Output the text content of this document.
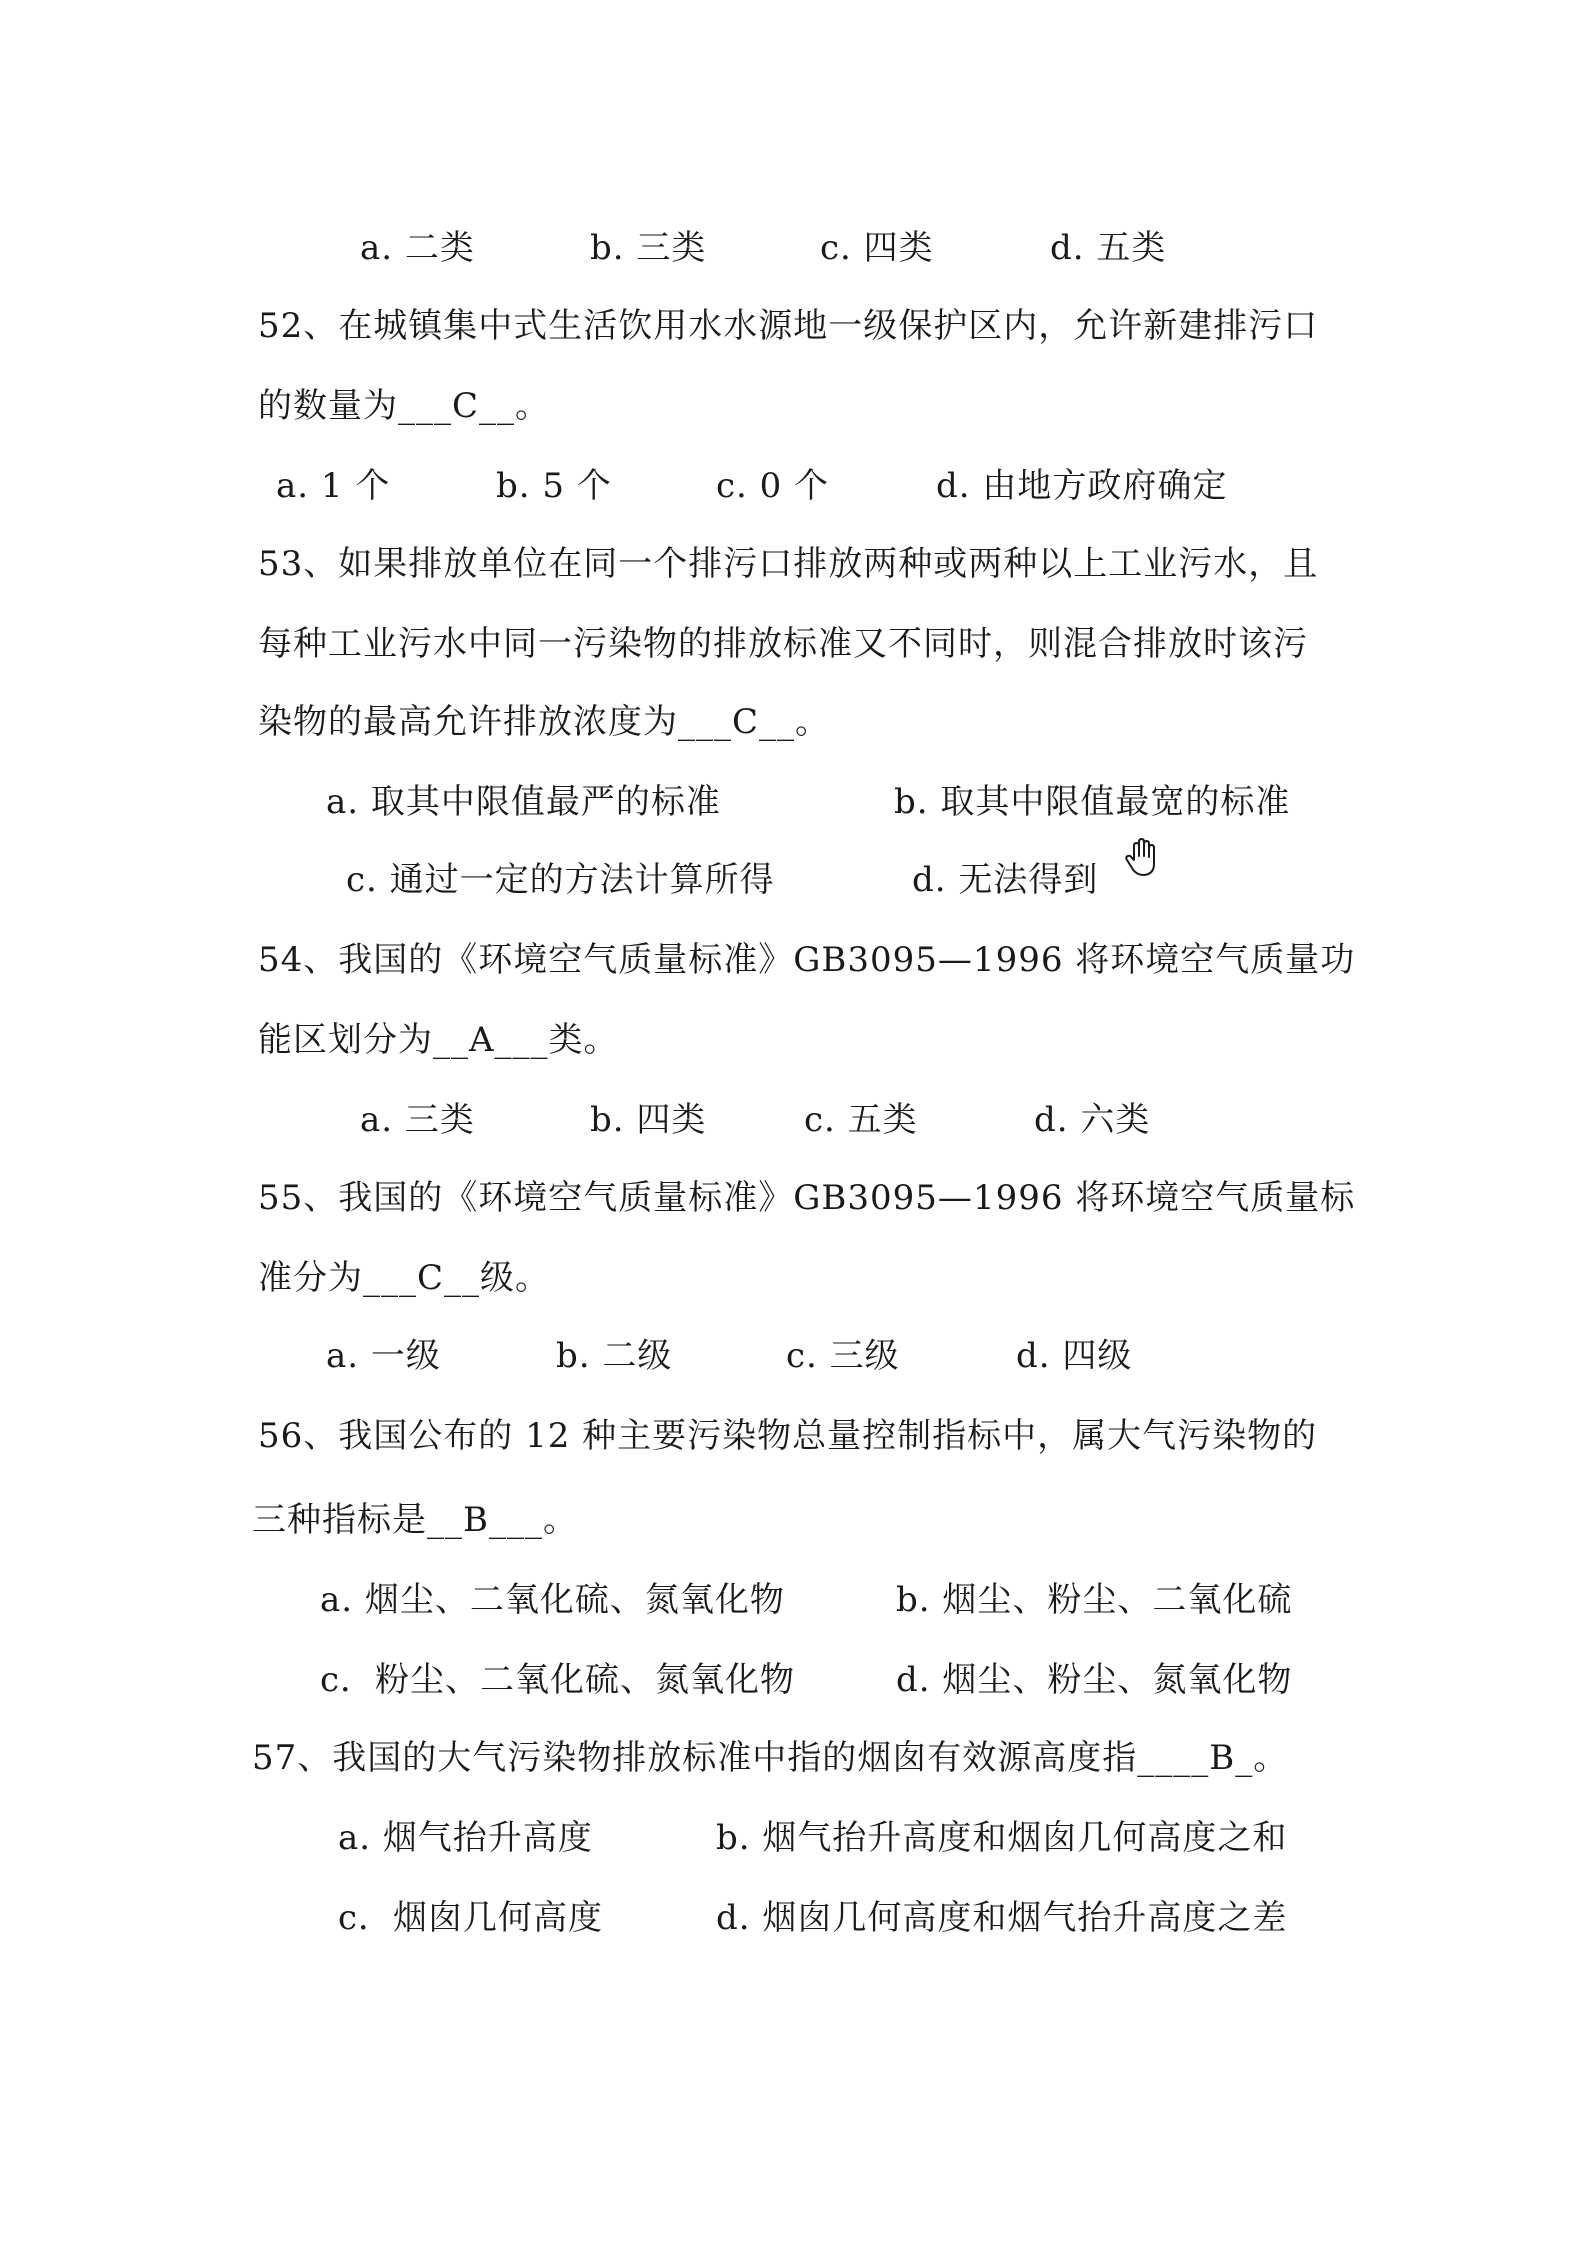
a. 二类	b. 三类	c. 四类	d. 五类
52、在城镇集中式生活饮用水水源地一级保护区内，允许新建排污口
的数量为___C__。
a. 1 个	b. 5 个	c. 0 个	d. 由地方政府确定
53、如果排放单位在同一个排污口排放两种或两种以上工业污水，且
每种工业污水中同一污染物的排放标准又不同时，则混合排放时该污
染物的最高允许排放浓度为___C__。
a. 取其中限值最严的标准	b. 取其中限值最宽的标准
c. 通过一定的方法计算所得	d. 无法得到
54、我国的《环境空气质量标准》GB3095—1996 将环境空气质量功
能区划分为__A___类。
a. 三类	b. 四类	c. 五类	d. 六类
55、我国的《环境空气质量标准》GB3095—1996 将环境空气质量标
准分为___C__级。
a. 一级	b. 二级	c. 三级	d. 四级
56、我国公布的 12 种主要污染物总量控制指标中，属大气污染物的
三种指标是__B___。
a. 烟尘、二氧化硫、氮氧化物	b. 烟尘、粉尘、二氧化硫
c．粉尘、二氧化硫、氮氧化物	d. 烟尘、粉尘、氮氧化物
57、我国的大气污染物排放标准中指的烟囱有效源高度指____B_。
a. 烟气抬升高度	b. 烟气抬升高度和烟囱几何高度之和
c．烟囱几何高度	d. 烟囱几何高度和烟气抬升高度之差
